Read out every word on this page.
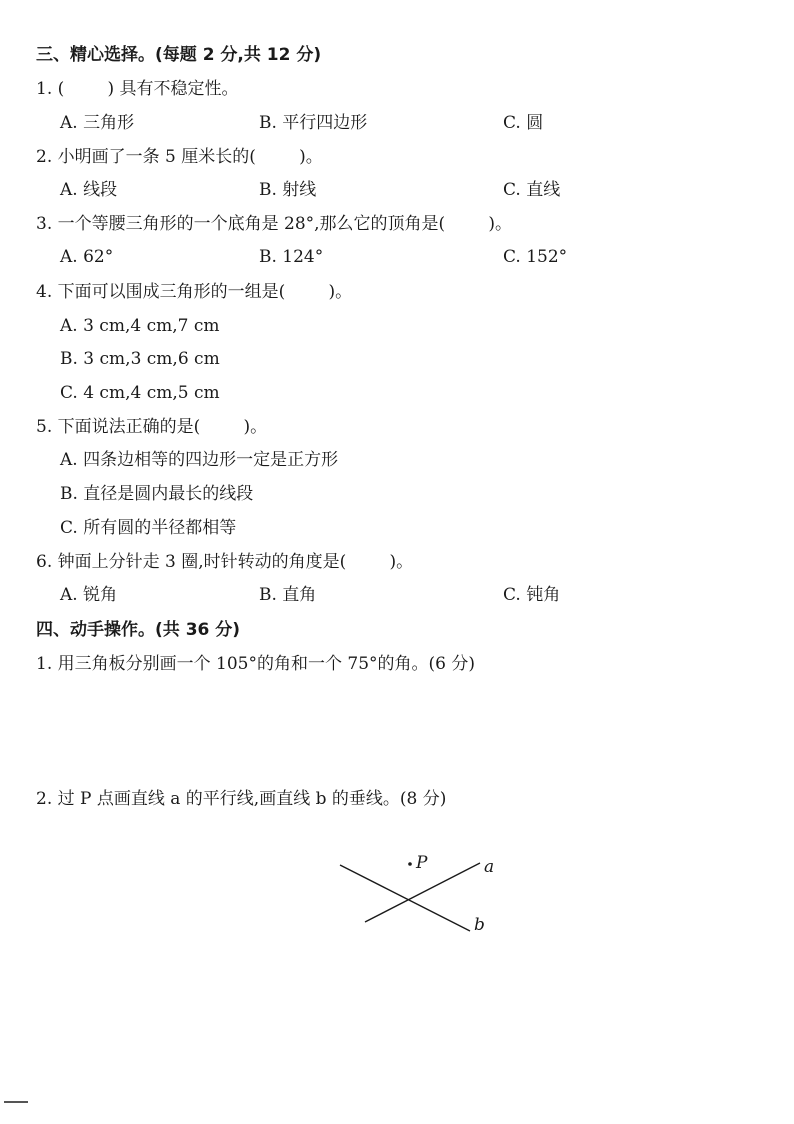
三、精心选择。(每题 2 分,共 12 分)
1. (        ) 具有不稳定性。
A. 三角形	B. 平行四边形	C. 圆
2. 小明画了一条 5 厘米长的(        )。
A. 线段	B. 射线	C. 直线
3. 一个等腰三角形的一个底角是 28°,那么它的顶角是(        )。
A. 62°	B. 124°	C. 152°
4. 下面可以围成三角形的一组是(        )。
A. 3 cm,4 cm,7 cm
B. 3 cm,3 cm,6 cm
C. 4 cm,4 cm,5 cm
5. 下面说法正确的是(        )。
A. 四条边相等的四边形一定是正方形
B. 直径是圆内最长的线段
C. 所有圆的半径都相等
6. 钟面上分针走 3 圈,时针转动的角度是(        )。
A. 锐角	B. 直角	C. 钝角
四、动手操作。(共 36 分)
1. 用三角板分别画一个 105°的角和一个 75°的角。(6 分)
2. 过 P 点画直线 a 的平行线,画直线 b 的垂线。(8 分)
P	a
b
